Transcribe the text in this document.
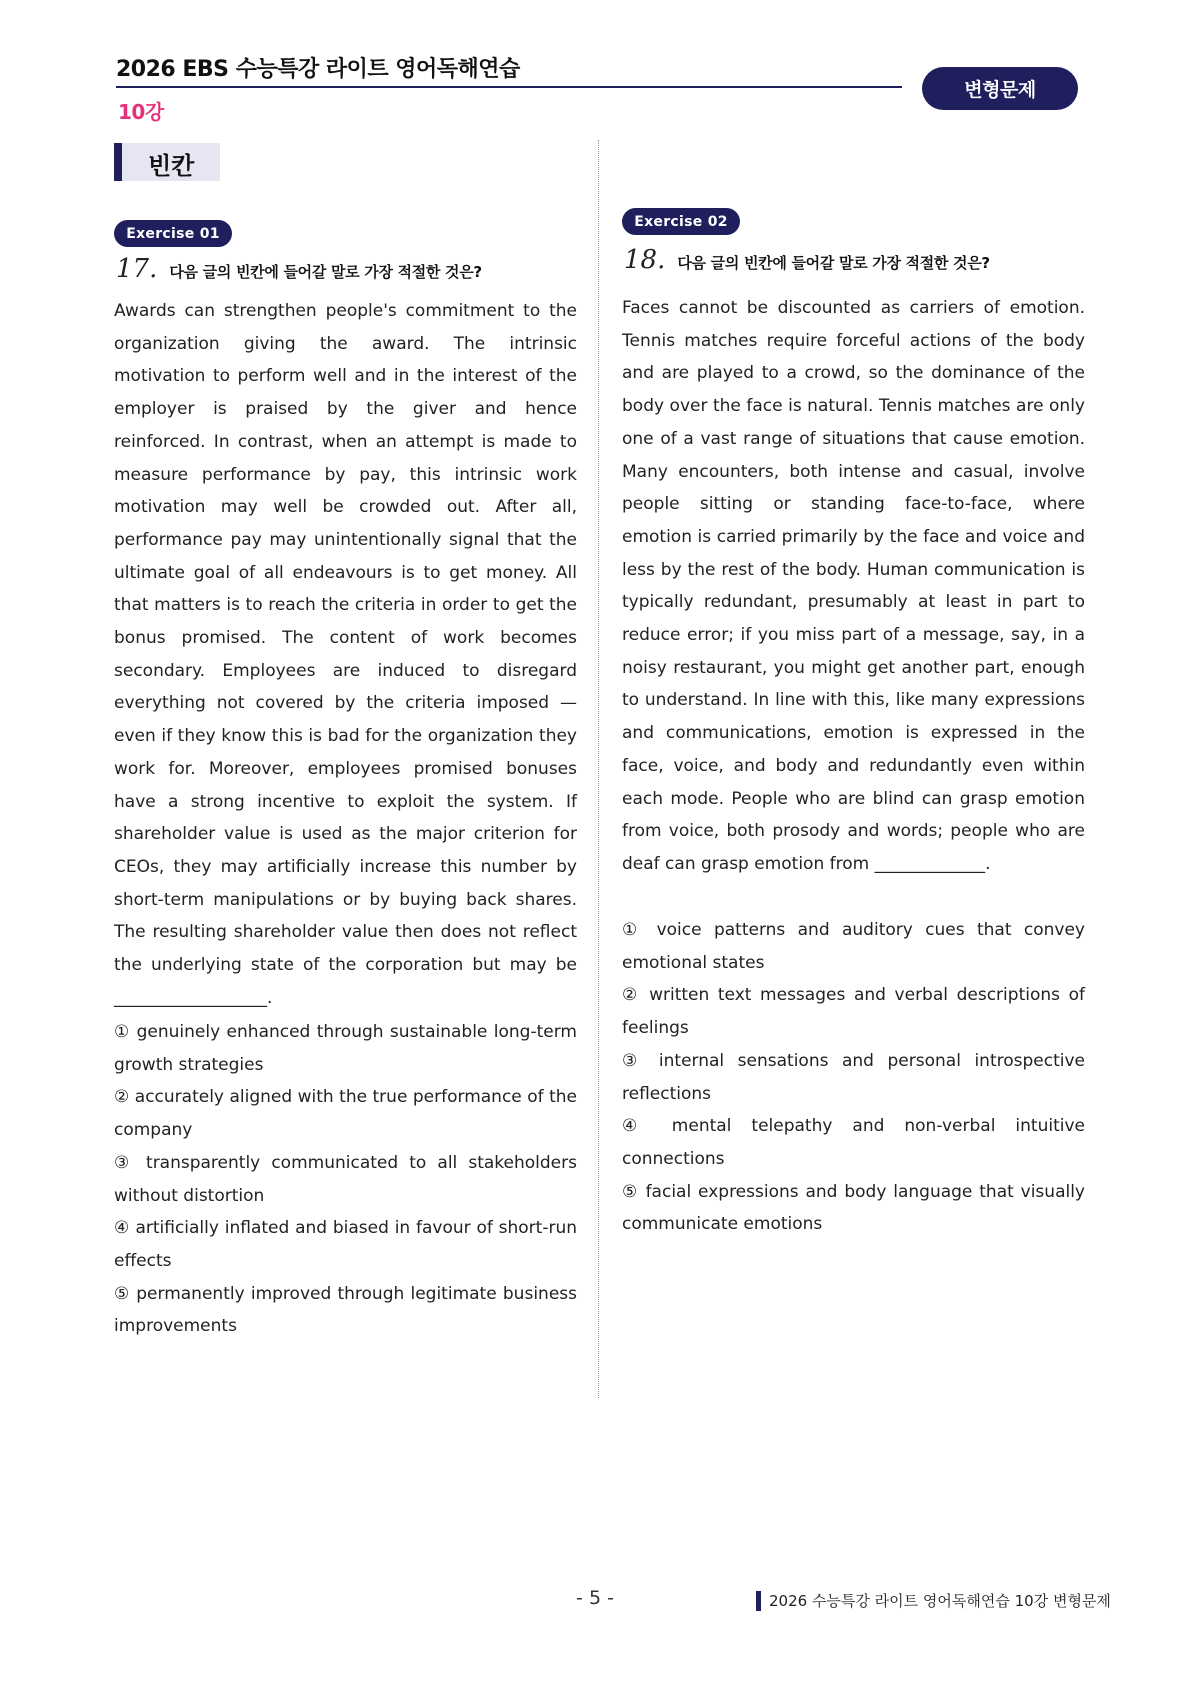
2026 EBS 수능특강 라이트 영어독해연습
10강
변형문제
빈칸
Exercise 01
17. 다음 글의 빈칸에 들어갈 말로 가장 적절한 것은?
Awards can strengthen people's commitment to the organization giving the award. The intrinsic motivation to perform well and in the interest of the employer is praised by the giver and hence reinforced. In contrast, when an attempt is made to measure performance by pay, this intrinsic work motivation may well be crowded out. After all, performance pay may unintentionally signal that the ultimate goal of all endeavours is to get money. All that matters is to reach the criteria in order to get the bonus promised. The content of work becomes secondary. Employees are induced to disregard everything not covered by the criteria imposed — even if they know this is bad for the organization they work for. Moreover, employees promised bonuses have a strong incentive to exploit the system. If shareholder value is used as the major criterion for CEOs, they may artificially increase this number by short-term manipulations or by buying back shares. The resulting shareholder value then does not reflect the underlying state of the corporation but may be __________________.
① genuinely enhanced through sustainable long-term growth strategies
② accurately aligned with the true performance of the company
③ transparently communicated to all stakeholders without distortion
④ artificially inflated and biased in favour of short-run effects
⑤ permanently improved through legitimate business improvements
Exercise 02
18. 다음 글의 빈칸에 들어갈 말로 가장 적절한 것은?
Faces cannot be discounted as carriers of emotion. Tennis matches require forceful actions of the body and are played to a crowd, so the dominance of the body over the face is natural. Tennis matches are only one of a vast range of situations that cause emotion. Many encounters, both intense and casual, involve people sitting or standing face-to-face, where emotion is carried primarily by the face and voice and less by the rest of the body. Human communication is typically redundant, presumably at least in part to reduce error; if you miss part of a message, say, in a noisy restaurant, you might get another part, enough to understand. In line with this, like many expressions and communications, emotion is expressed in the face, voice, and body and redundantly even within each mode. People who are blind can grasp emotion from voice, both prosody and words; people who are deaf can grasp emotion from _____________.
① voice patterns and auditory cues that convey emotional states
② written text messages and verbal descriptions of feelings
③ internal sensations and personal introspective reflections
④ mental telepathy and non-verbal intuitive connections
⑤ facial expressions and body language that visually communicate emotions
- 5 -	2026 수능특강 라이트 영어독해연습 10강 변형문제
